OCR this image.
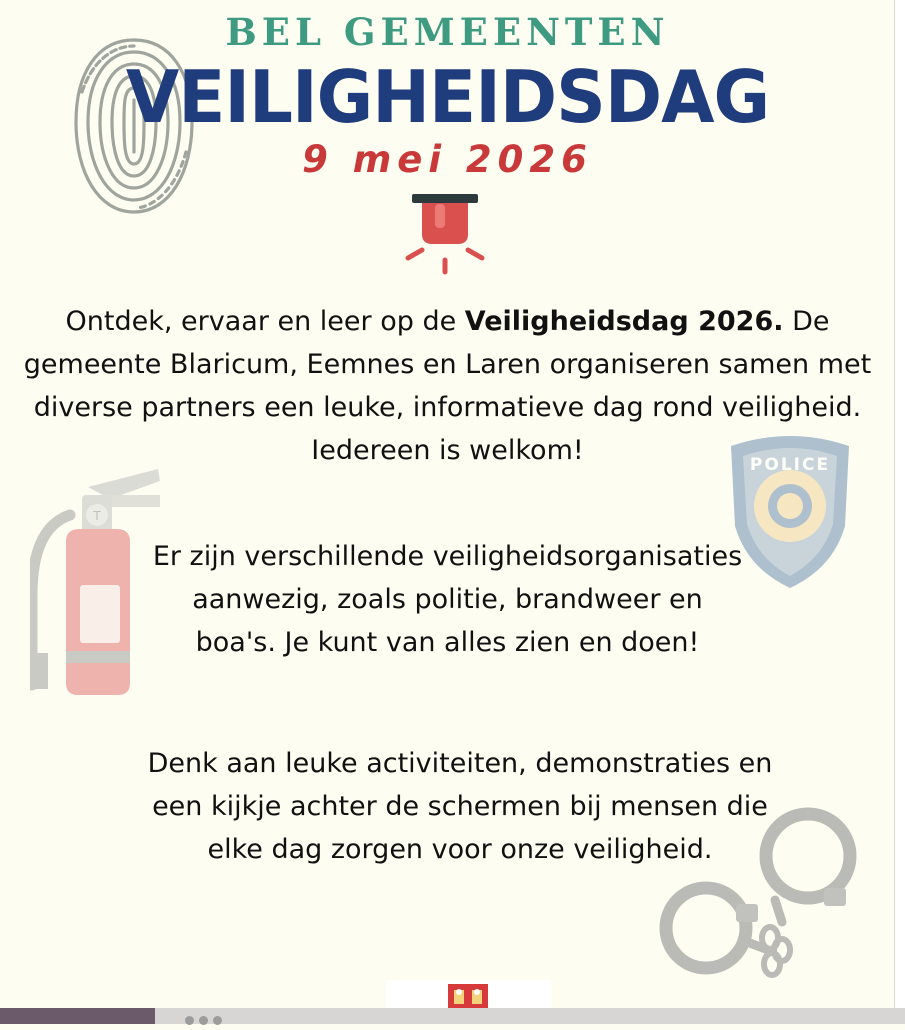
BEL GEMEENTEN
VEILIGHEIDSDAG
9 mei 2026
T
POLICE
Ontdek, ervaar en leer op de Veiligheidsdag 2026. De gemeente Blaricum, Eemnes en Laren organiseren samen met diverse partners een leuke, informatieve dag rond veiligheid. Iedereen is welkom!
Er zijn verschillende veiligheidsorganisaties aanwezig, zoals politie, brandweer en boa's. Je kunt van alles zien en doen!
Denk aan leuke activiteiten, demonstraties en een kijkje achter de schermen bij mensen die elke dag zorgen voor onze veiligheid.
